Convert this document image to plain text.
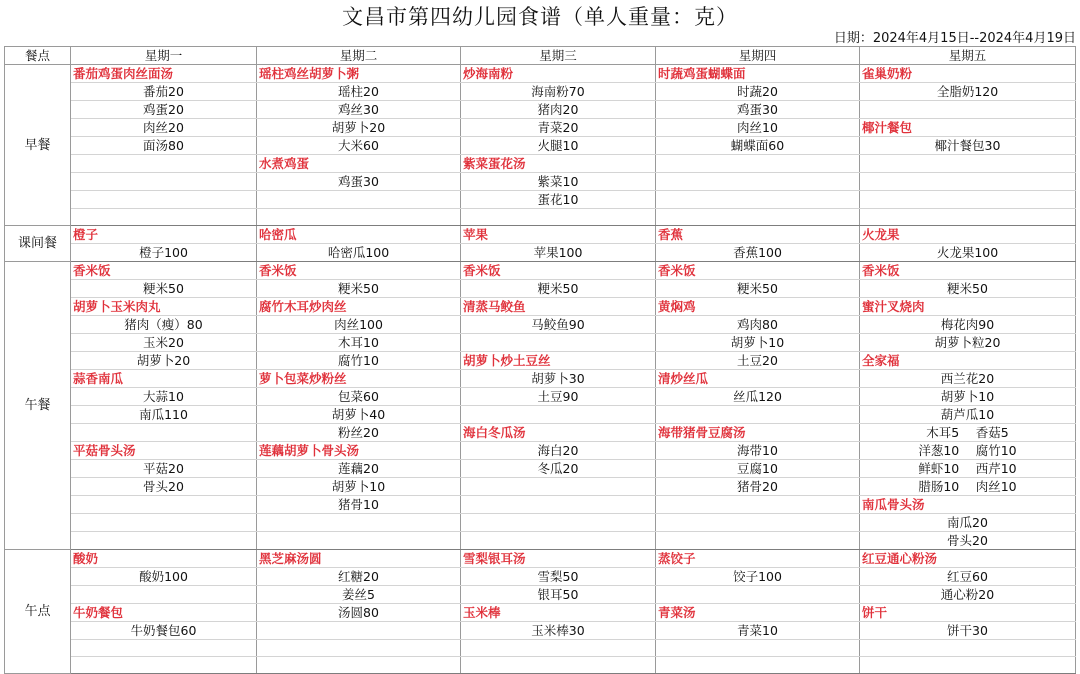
文昌市第四幼儿园食谱（单人重量：克）
日期：2024年4月15日--2024年4月19日
餐点	星期一	星期二	星期三	星期四	星期五
早餐	番茄鸡蛋肉丝面汤	瑶柱鸡丝胡萝卜粥	炒海南粉	时蔬鸡蛋蝴蝶面	雀巢奶粉
	番茄20	瑶柱20	海南粉70	时蔬20	全脂奶120
	鸡蛋20	鸡丝30	猪肉20	鸡蛋30	
	肉丝20	胡萝卜20	青菜20	肉丝10	椰汁餐包
	面汤80	大米60	火腿10	蝴蝶面60	椰汁餐包30
		水煮鸡蛋	紫菜蛋花汤		
		鸡蛋30	紫菜10		
			蛋花10		

课间餐	橙子	哈密瓜	苹果	香蕉	火龙果
	橙子100	哈密瓜100	苹果100	香蕉100	火龙果100
午餐	香米饭	香米饭	香米饭	香米饭	香米饭
	粳米50	粳米50	粳米50	粳米50	粳米50
	胡萝卜玉米肉丸	腐竹木耳炒肉丝	清蒸马鲛鱼	黄焖鸡	蜜汁叉烧肉
	猪肉（瘦）80	肉丝100	马鲛鱼90	鸡肉80	梅花肉90
	玉米20	木耳10		胡萝卜10	胡萝卜粒20
	胡萝卜20	腐竹10	胡萝卜炒土豆丝	土豆20	全家福
	蒜香南瓜	萝卜包菜炒粉丝	胡萝卜30	清炒丝瓜	西兰花20
	大蒜10	包菜60	土豆90	丝瓜120	胡萝卜10
	南瓜110	胡萝卜40			葫芦瓜10
		粉丝20	海白冬瓜汤	海带猪骨豆腐汤	木耳5　 香菇5
	平菇骨头汤	莲藕胡萝卜骨头汤	海白20	海带10	洋葱10　 腐竹10
	平菇20	莲藕20	冬瓜20	豆腐10	鲜虾10　 西芹10
	骨头20	胡萝卜10		猪骨20	腊肠10　 肉丝10
		猪骨10			南瓜骨头汤
					南瓜20
					骨头20
午点	酸奶	黑芝麻汤圆	雪梨银耳汤	蒸饺子	红豆通心粉汤
	酸奶100	红糖20	雪梨50	饺子100	红豆60
		姜丝5	银耳50		通心粉20
	牛奶餐包	汤圆80	玉米棒	青菜汤	饼干
	牛奶餐包60		玉米棒30	青菜10	饼干30
